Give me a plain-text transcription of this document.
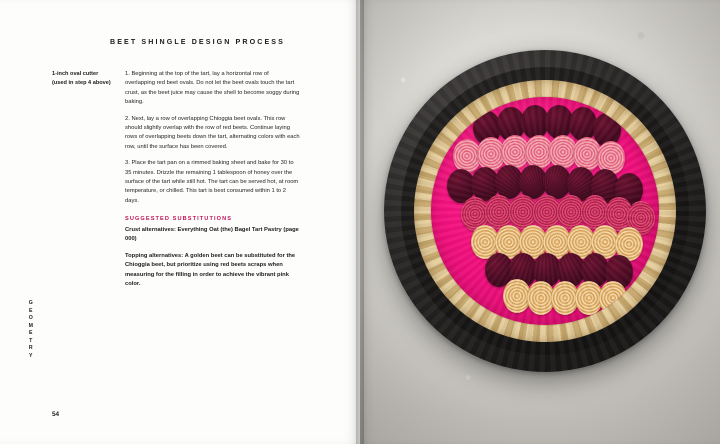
BEET SHINGLE DESIGN PROCESS
1-inch oval cutter (used in step 4 above)

1. Beginning at the top of the tart, lay a horizontal row of overlapping red beet ovals. Do not let the beet ovals touch the tart crust, as the beet juice may cause the shell to become soggy during baking.

2. Next, lay a row of overlapping Chioggia beet ovals. This row should slightly overlap with the row of red beets. Continue laying rows of overlapping beets down the tart, alternating colors with each row, until the surface has been covered.

3. Place the tart pan on a rimmed baking sheet and bake for 30 to 35 minutes. Drizzle the remaining 1 tablespoon of honey over the surface of the tart while still hot. The tart can be served hot, at room temperature, or chilled. This tart is best consumed within 1 to 2 days.

SUGGESTED SUBSTITUTIONS

Crust alternatives: Everything Oat (the) Bagel Tart Pastry (page 000)

Topping alternatives: A golden beet can be substituted for the Chioggia beet, but prioritize using red beets scraps when measuring for the filling in order to achieve the vibrant pink color.

G
E
O
M
E
T
R
Y
54
